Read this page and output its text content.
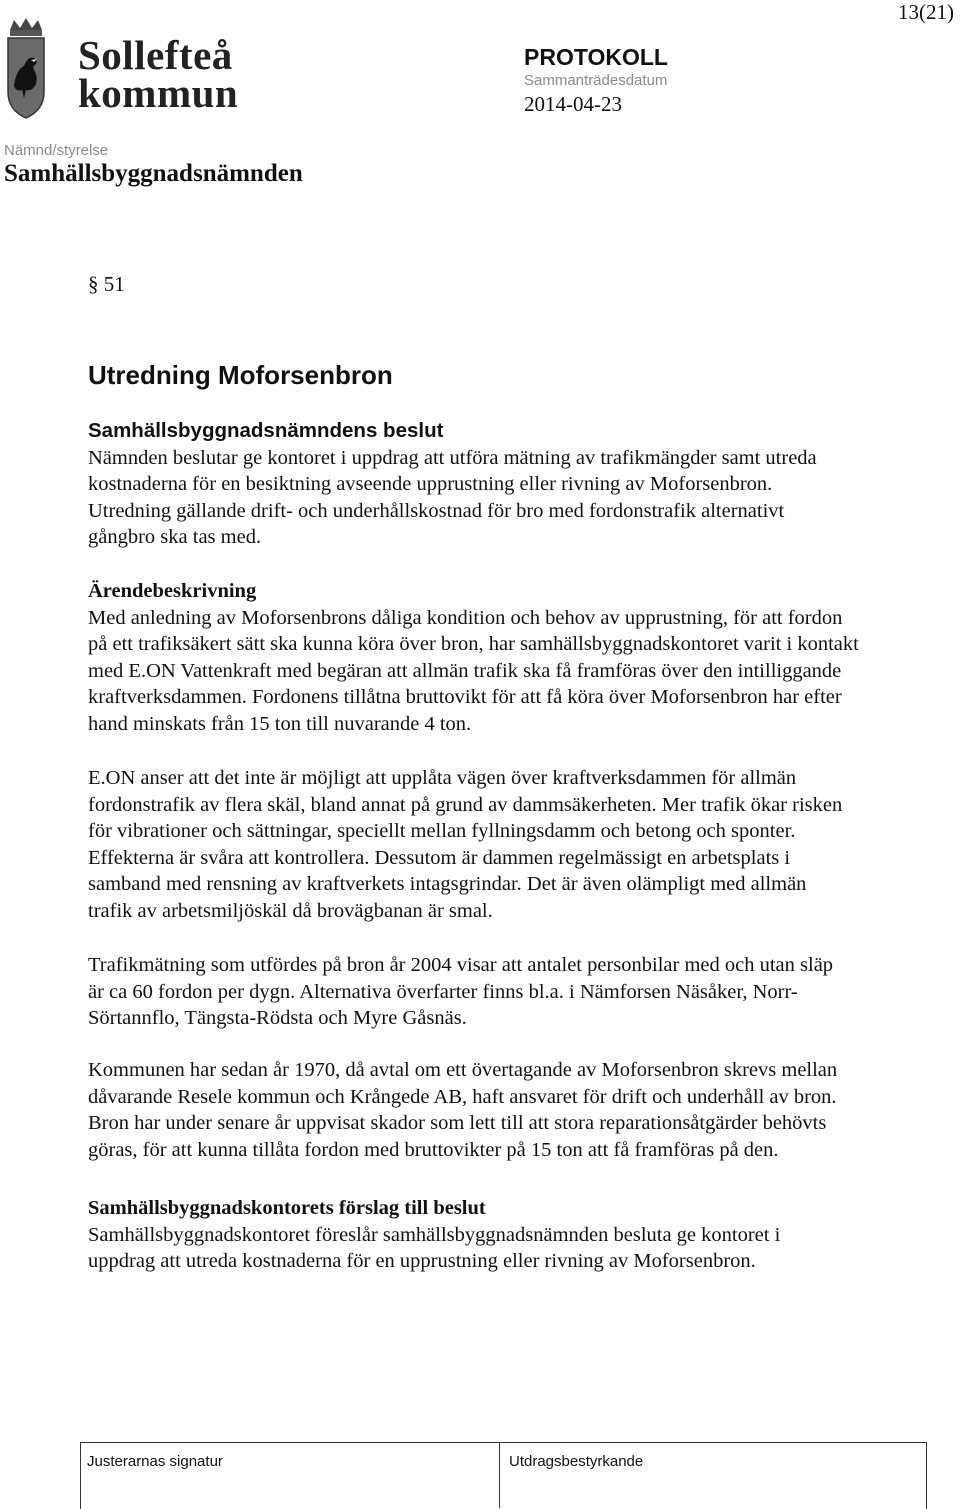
13(21)
Sollefteå
kommun
PROTOKOLL
Sammanträdesdatum
2014-04-23
Nämnd/styrelse
Samhällsbyggnadsnämnden
§ 51
Utredning Moforsenbron

Samhällsbyggnadsnämndens beslut

Nämnden beslutar ge kontoret i uppdrag att utföra mätning av trafikmängder samt utreda

kostnaderna för en besiktning avseende upprustning eller rivning av Moforsenbron.

Utredning gällande drift- och underhållskostnad för bro med fordonstrafik alternativt

gångbro ska tas med.

Ärendebeskrivning

Med anledning av Moforsenbrons dåliga kondition och behov av upprustning, för att fordon

på ett trafiksäkert sätt ska kunna köra över bron, har samhällsbyggnadskontoret varit i kontakt

med E.ON Vattenkraft med begäran att allmän trafik ska få framföras över den intilliggande

kraftverksdammen. Fordonens tillåtna bruttovikt för att få köra över Moforsenbron har efter

hand minskats från 15 ton till nuvarande 4 ton.

E.ON anser att det inte är möjligt att upplåta vägen över kraftverksdammen för allmän

fordonstrafik av flera skäl, bland annat på grund av dammsäkerheten. Mer trafik ökar risken

för vibrationer och sättningar, speciellt mellan fyllningsdamm och betong och sponter.

Effekterna är svåra att kontrollera. Dessutom är dammen regelmässigt en arbetsplats i

samband med rensning av kraftverkets intagsgrindar. Det är även olämpligt med allmän

trafik av arbetsmiljöskäl då brovägbanan är smal.

Trafikmätning som utfördes på bron år 2004 visar att antalet personbilar med och utan släp

är ca 60 fordon per dygn. Alternativa överfarter finns bl.a. i Nämforsen Näsåker, Norr-

Sörtannflo, Tängsta-Rödsta och Myre Gåsnäs.

Kommunen har sedan år 1970, då avtal om ett övertagande av Moforsenbron skrevs mellan

dåvarande Resele kommun och Krångede AB, haft ansvaret för drift och underhåll av bron.

Bron har under senare år uppvisat skador som lett till att stora reparationsåtgärder behövts

göras, för att kunna tillåta fordon med bruttovikter på 15 ton att få framföras på den.

Samhällsbyggnadskontorets förslag till beslut

Samhällsbyggnadskontoret föreslår samhällsbyggnadsnämnden besluta ge kontoret i

uppdrag att utreda kostnaderna för en upprustning eller rivning av Moforsenbron.

Justerarnas signatur	Utdragsbestyrkande
